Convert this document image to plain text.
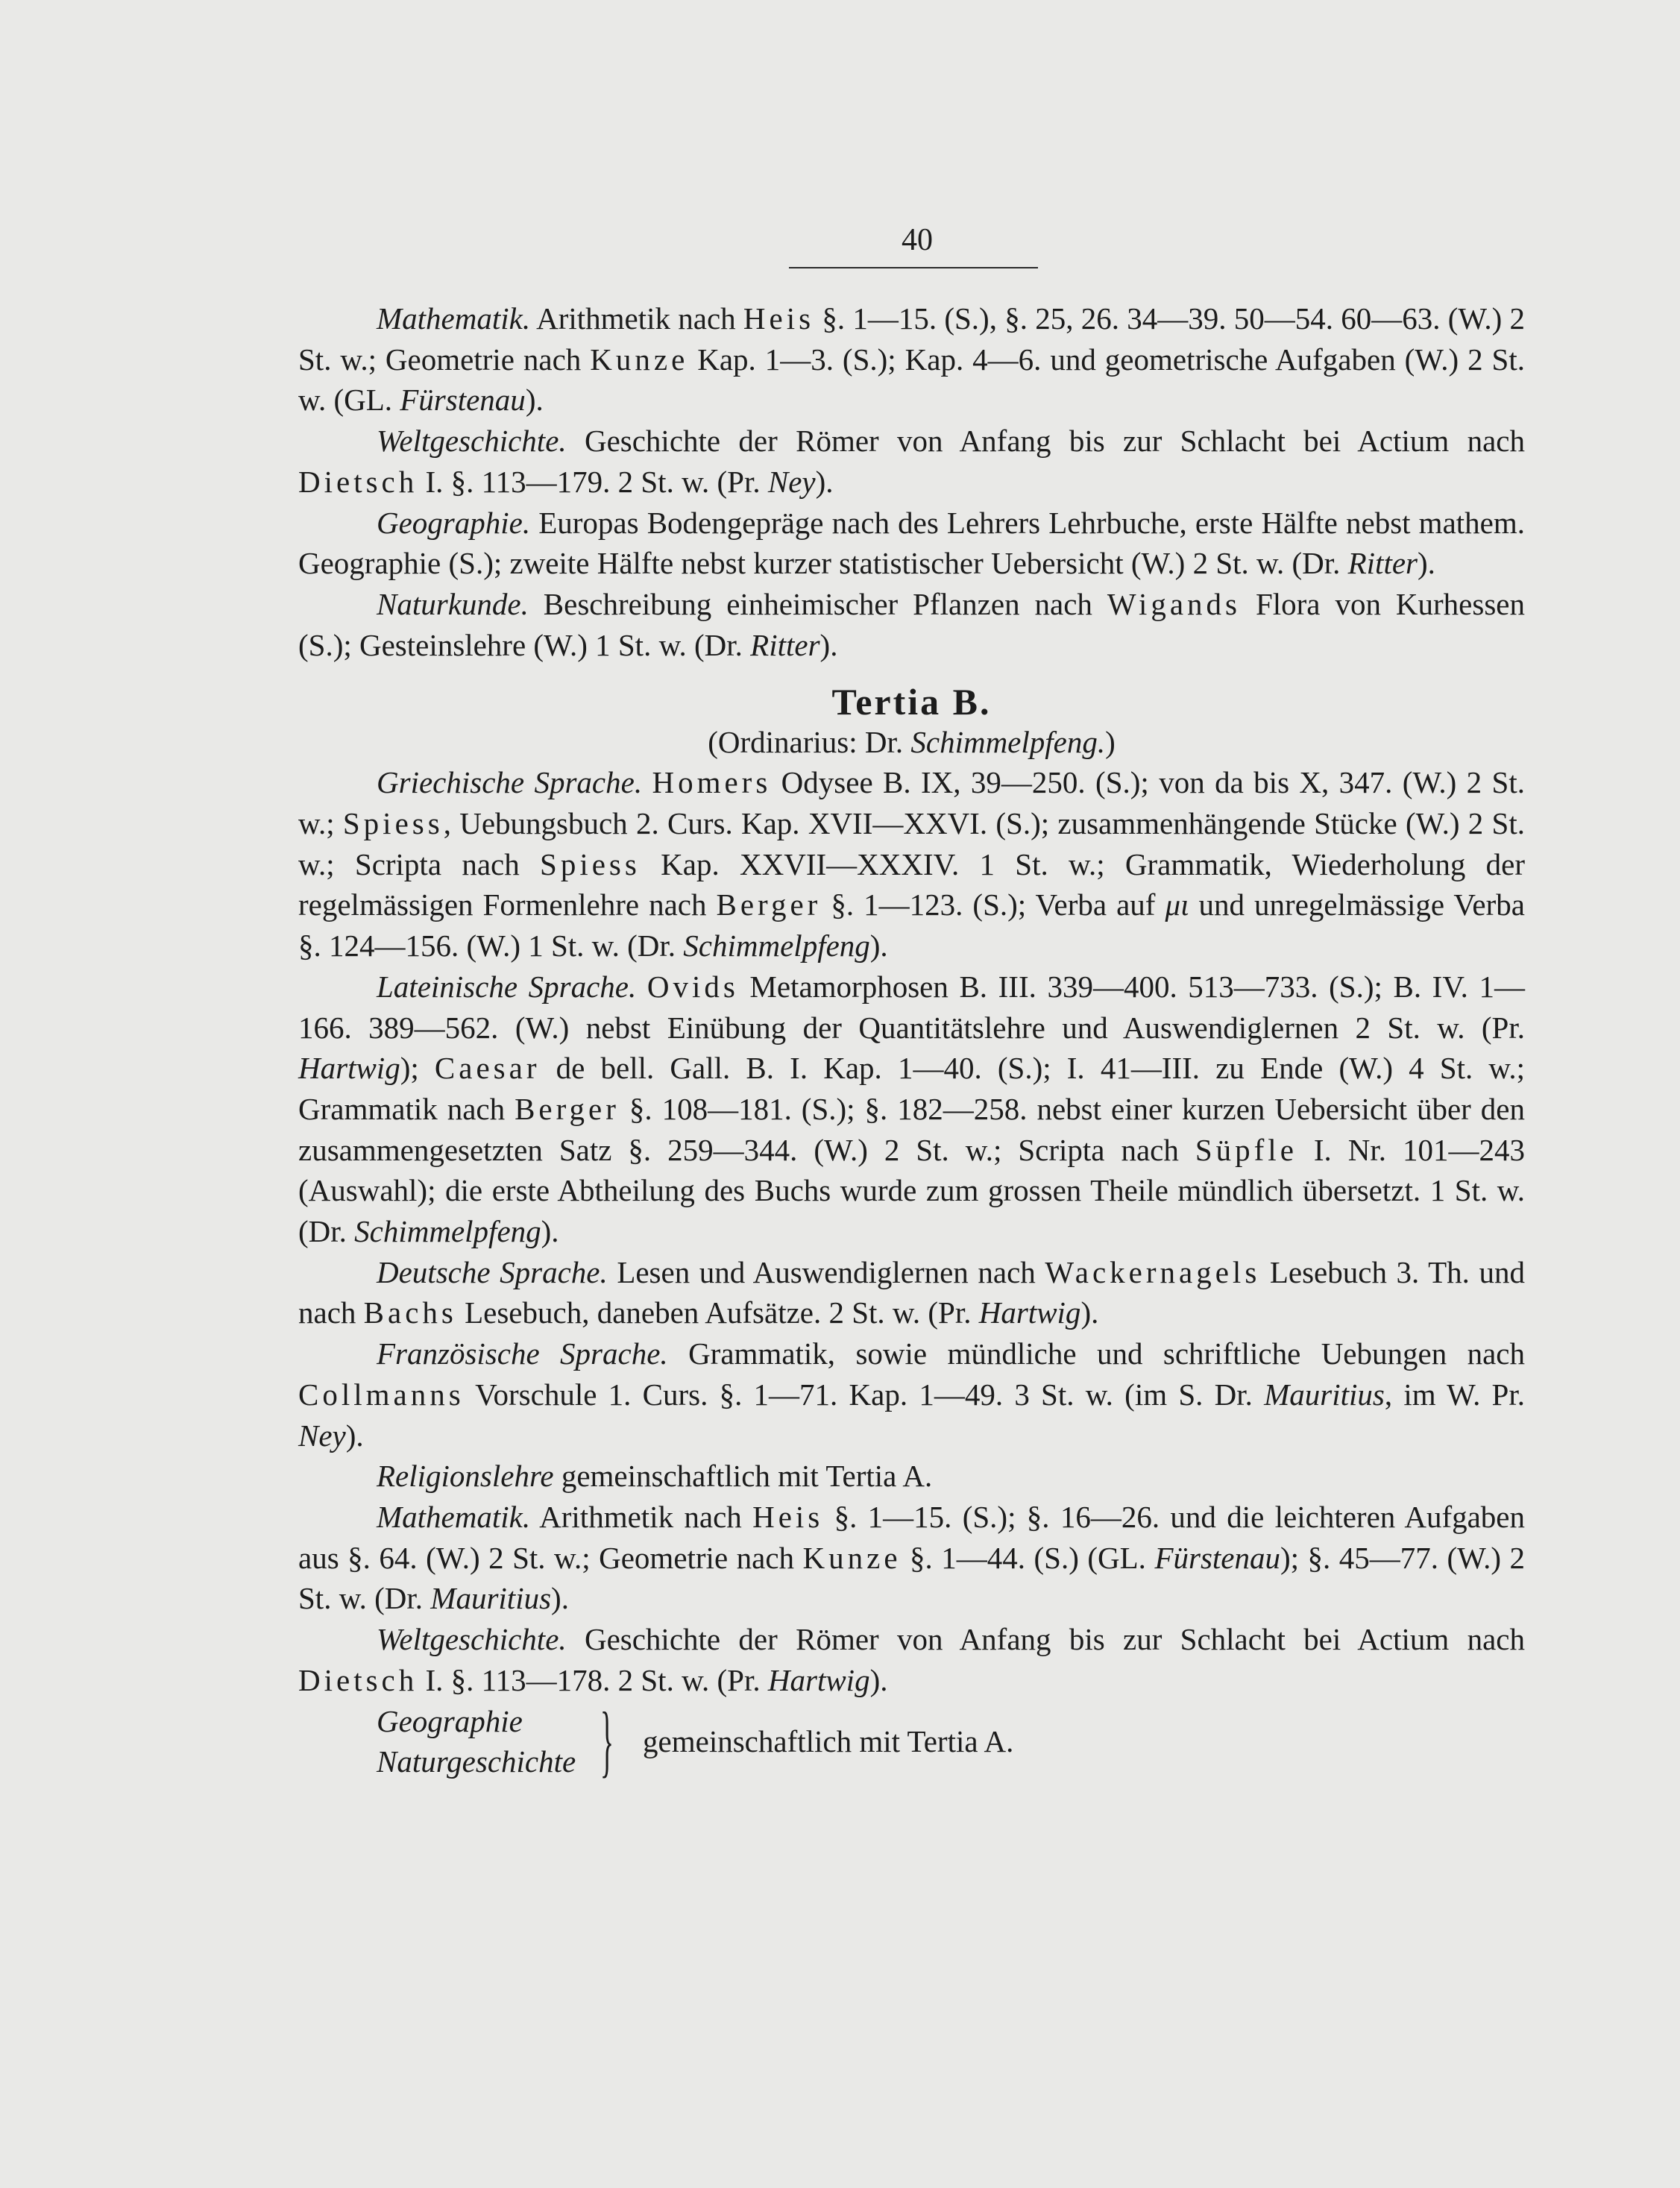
40

Mathematik. Arithmetik nach Heis §. 1—15. (S.), §. 25, 26. 34—39. 50—54. 60—63. (W.) 2 St. w.; Geometrie nach Kunze Kap. 1—3. (S.); Kap. 4—6. und geometrische Aufgaben (W.) 2 St. w. (GL. Fürstenau).

Weltgeschichte. Geschichte der Römer von Anfang bis zur Schlacht bei Actium nach Dietsch I. §. 113—179. 2 St. w. (Pr. Ney).

Geographie. Europas Bodengepräge nach des Lehrers Lehrbuche, erste Hälfte nebst mathem. Geographie (S.); zweite Hälfte nebst kurzer statistischer Uebersicht (W.) 2 St. w. (Dr. Ritter).

Naturkunde. Beschreibung einheimischer Pflanzen nach Wigands Flora von Kurhessen (S.); Gesteinslehre (W.) 1 St. w. (Dr. Ritter).

Tertia B.
(Ordinarius: Dr. Schimmelpfeng.)

Griechische Sprache. Homers Odysee B. IX, 39—250. (S.); von da bis X, 347. (W.) 2 St. w.; Spiess, Uebungsbuch 2. Curs. Kap. XVII—XXVI. (S.); zusammenhängende Stücke (W.) 2 St. w.; Scripta nach Spiess Kap. XXVII—XXXIV. 1 St. w.; Grammatik, Wiederholung der regelmässigen Formenlehre nach Berger §. 1—123. (S.); Verba auf μι und unregelmässige Verba §. 124—156. (W.) 1 St. w. (Dr. Schimmelpfeng).

Lateinische Sprache. Ovids Metamorphosen B. III. 339—400. 513—733. (S.); B. IV. 1—166. 389—562. (W.) nebst Einübung der Quantitätslehre und Auswendiglernen 2 St. w. (Pr. Hartwig); Caesar de bell. Gall. B. I. Kap. 1—40. (S.); I. 41—III. zu Ende (W.) 4 St. w.; Grammatik nach Berger §. 108—181. (S.); §. 182—258. nebst einer kurzen Uebersicht über den zusammengesetzten Satz §. 259—344. (W.) 2 St. w.; Scripta nach Süpfle I. Nr. 101—243 (Auswahl); die erste Abtheilung des Buchs wurde zum grossen Theile mündlich übersetzt. 1 St. w. (Dr. Schimmelpfeng).

Deutsche Sprache. Lesen und Auswendiglernen nach Wackernagels Lesebuch 3. Th. und nach Bachs Lesebuch, daneben Aufsätze. 2 St. w. (Pr. Hartwig).

Französische Sprache. Grammatik, sowie mündliche und schriftliche Uebungen nach Collmanns Vorschule 1. Curs. §. 1—71. Kap. 1—49. 3 St. w. (im S. Dr. Mauritius, im W. Pr. Ney).

Religionslehre gemeinschaftlich mit Tertia A.

Mathematik. Arithmetik nach Heis §. 1—15. (S.); §. 16—26. und die leichteren Aufgaben aus §. 64. (W.) 2 St. w.; Geometrie nach Kunze §. 1—44. (S.) (GL. Fürstenau); §. 45—77. (W.) 2 St. w. (Dr. Mauritius).

Weltgeschichte. Geschichte der Römer von Anfang bis zur Schlacht bei Actium nach Dietsch I. §. 113—178. 2 St. w. (Pr. Hartwig).

Geographie
Naturgeschichte } gemeinschaftlich mit Tertia A.
